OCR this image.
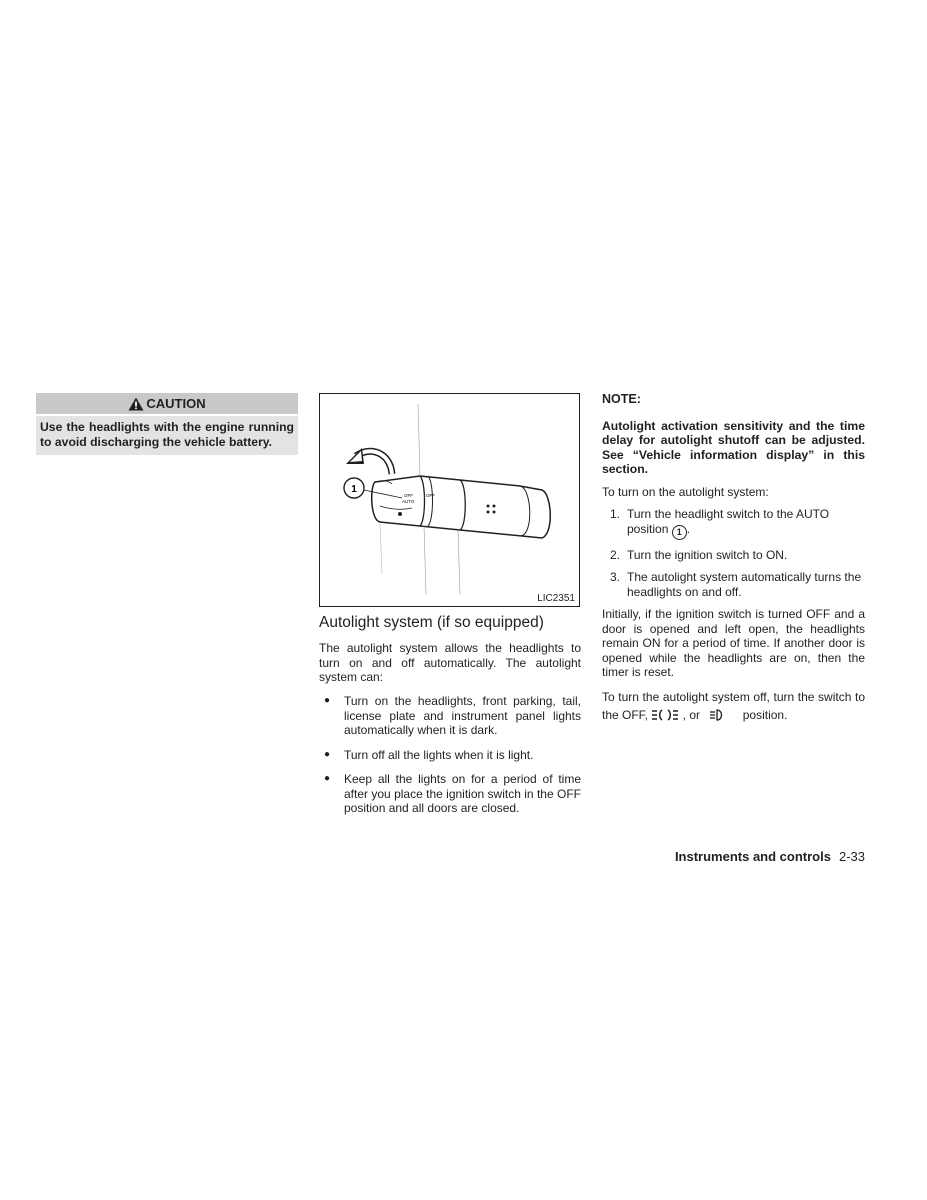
CAUTION
Use the headlights with the engine running to avoid discharging the vehicle battery.
1
OFF
AUTO
OFF
LIC2351
Autolight system (if so equipped)
The autolight system allows the headlights to turn on and off automatically. The autolight system can:
● Turn on the headlights, front parking, tail, license plate and instrument panel lights automatically when it is dark.
● Turn off all the lights when it is light.
● Keep all the lights on for a period of time after you place the ignition switch in the OFF position and all doors are closed.
NOTE:
Autolight activation sensitivity and the time delay for autolight shutoff can be adjusted. See “Vehicle information display” in this section.
To turn on the autolight system:
1. Turn the headlight switch to the AUTO position 1 .
2. Turn the ignition switch to ON.
3. The autolight system automatically turns the headlights on and off.
Initially, if the ignition switch is turned OFF and a door is opened and left open, the headlights remain ON for a period of time. If another door is opened while the headlights are on, then the timer is reset.
To turn the autolight system off, turn the switch to the OFF,	, or	position.
Instruments and controls 2-33
